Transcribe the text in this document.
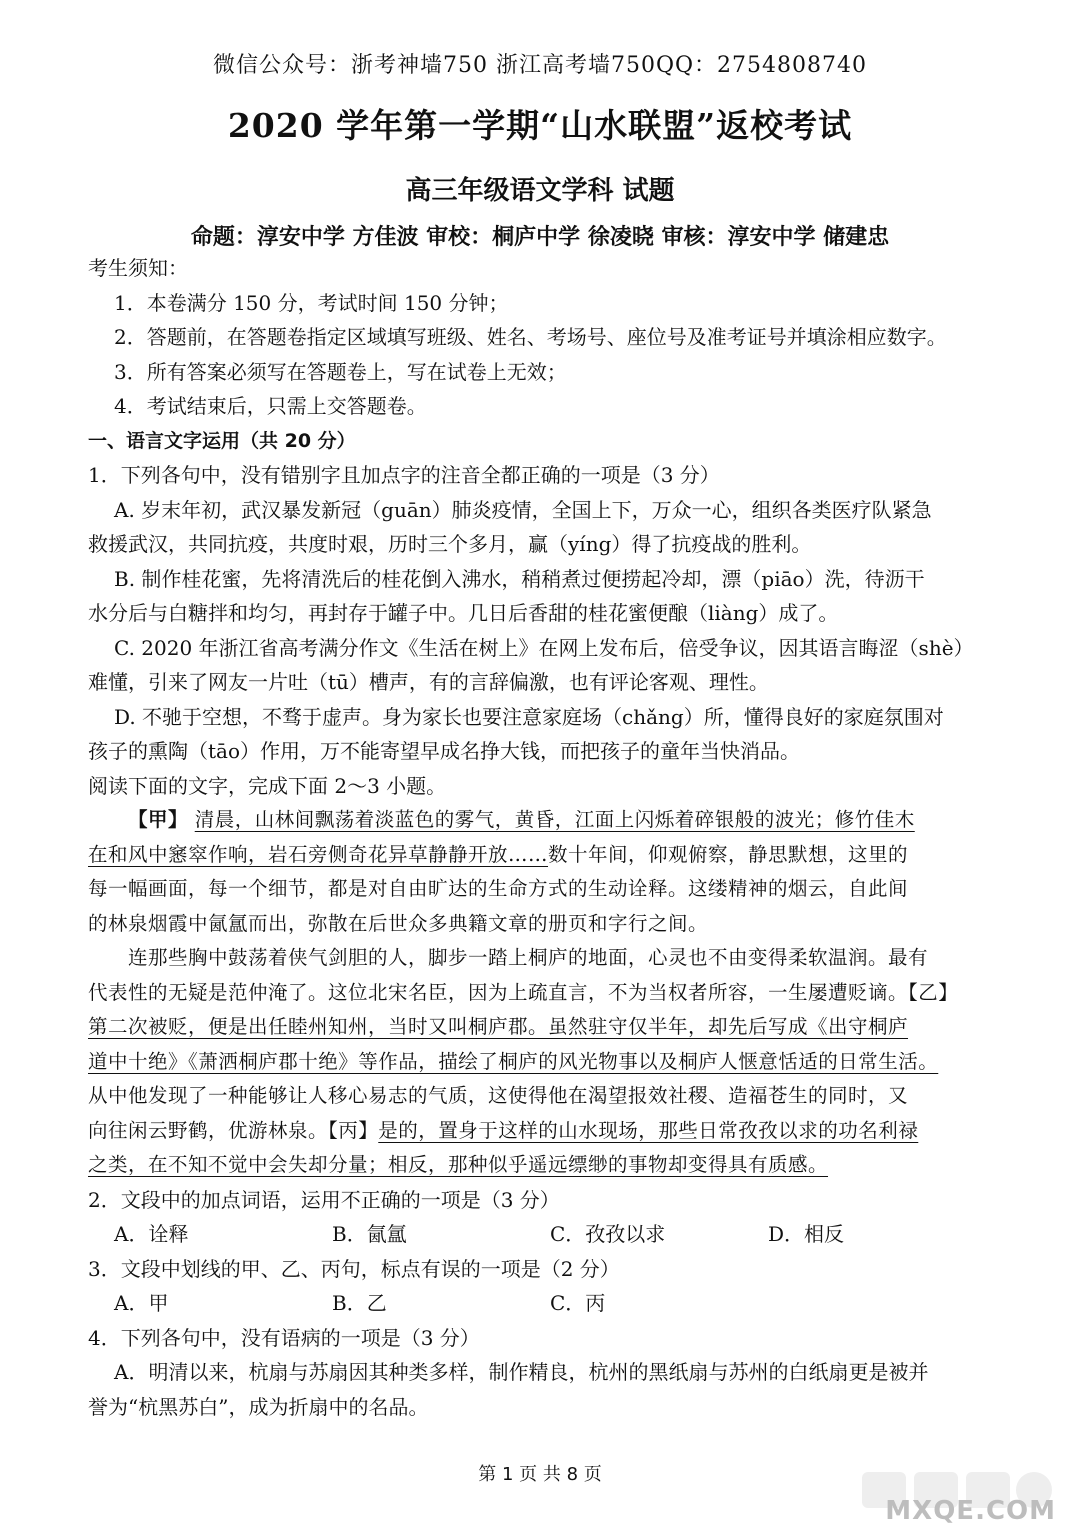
微信公众号：浙考神墙750 浙江高考墙750QQ：2754808740
2020 学年第一学期“山水联盟”返校考试
高三年级语文学科 试题
命题：淳安中学 方佳波 审校：桐庐中学 徐凌晓 审核：淳安中学 储建忠
考生须知：
1．本卷满分 150 分，考试时间 150 分钟；
2．答题前，在答题卷指定区域填写班级、姓名、考场号、座位号及准考证号并填涂相应数字。
3．所有答案必须写在答题卷上，写在试卷上无效；
4．考试结束后，只需上交答题卷。
一、语言文字运用（共 20 分）
1．下列各句中，没有错别字且加点字的注音全都正确的一项是（3 分）
A. 岁末年初，武汉暴发新冠（guān）肺炎疫情，全国上下，万众一心，组织各类医疗队紧急
救援武汉，共同抗疫，共度时艰，历时三个多月，赢（yíng）得了抗疫战的胜利。
B. 制作桂花蜜，先将清洗后的桂花倒入沸水，稍稍煮过便捞起冷却，漂（piāo）洗，待沥干
水分后与白糖拌和均匀，再封存于罐子中。几日后香甜的桂花蜜便酿（liàng）成了。
C. 2020 年浙江省高考满分作文《生活在树上》在网上发布后，倍受争议，因其语言晦涩（shè）
难懂，引来了网友一片吐（tū）槽声，有的言辞偏激，也有评论客观、理性。
D. 不驰于空想，不骛于虚声。身为家长也要注意家庭场（chǎng）所，懂得良好的家庭氛围对
孩子的熏陶（tāo）作用，万不能寄望早成名挣大钱，而把孩子的童年当快消品。
阅读下面的文字，完成下面 2～3 小题。
【甲】 清晨，山林间飘荡着淡蓝色的雾气，黄昏，江面上闪烁着碎银般的波光；修竹佳木
在和风中窸窣作响，岩石旁侧奇花异草静静开放……数十年间，仰观俯察，静思默想，这里的
每一幅画面，每一个细节，都是对自由旷达的生命方式的生动诠释。这缕精神的烟云，自此间
的林泉烟霞中氤氲而出，弥散在后世众多典籍文章的册页和字行之间。
连那些胸中鼓荡着侠气剑胆的人，脚步一踏上桐庐的地面，心灵也不由变得柔软温润。最有
代表性的无疑是范仲淹了。这位北宋名臣，因为上疏直言，不为当权者所容，一生屡遭贬谪。【乙】
第二次被贬，便是出任睦州知州，当时又叫桐庐郡。虽然驻守仅半年，却先后写成《出守桐庐
道中十绝》《萧洒桐庐郡十绝》等作品，描绘了桐庐的风光物事以及桐庐人惬意恬适的日常生活。
从中他发现了一种能够让人移心易志的气质，这使得他在渴望报效社稷、造福苍生的同时，又
向往闲云野鹤，优游林泉。【丙】是的，置身于这样的山水现场，那些日常孜孜以求的功名利禄
之类，在不知不觉中会失却分量；相反，那种似乎遥远缥缈的事物却变得具有质感。
2．文段中的加点词语，运用不正确的一项是（3 分）
A．诠释	B．氤氲	C．孜孜以求	D．相反
3．文段中划线的甲、乙、丙句，标点有误的一项是（2 分）
A．甲	B．乙	C．丙
4．下列各句中，没有语病的一项是（3 分）
A．明清以来，杭扇与苏扇因其种类多样，制作精良，杭州的黑纸扇与苏州的白纸扇更是被并
誉为“杭黑苏白”，成为折扇中的名品。
第 1 页 共 8 页
MXQE.COM
